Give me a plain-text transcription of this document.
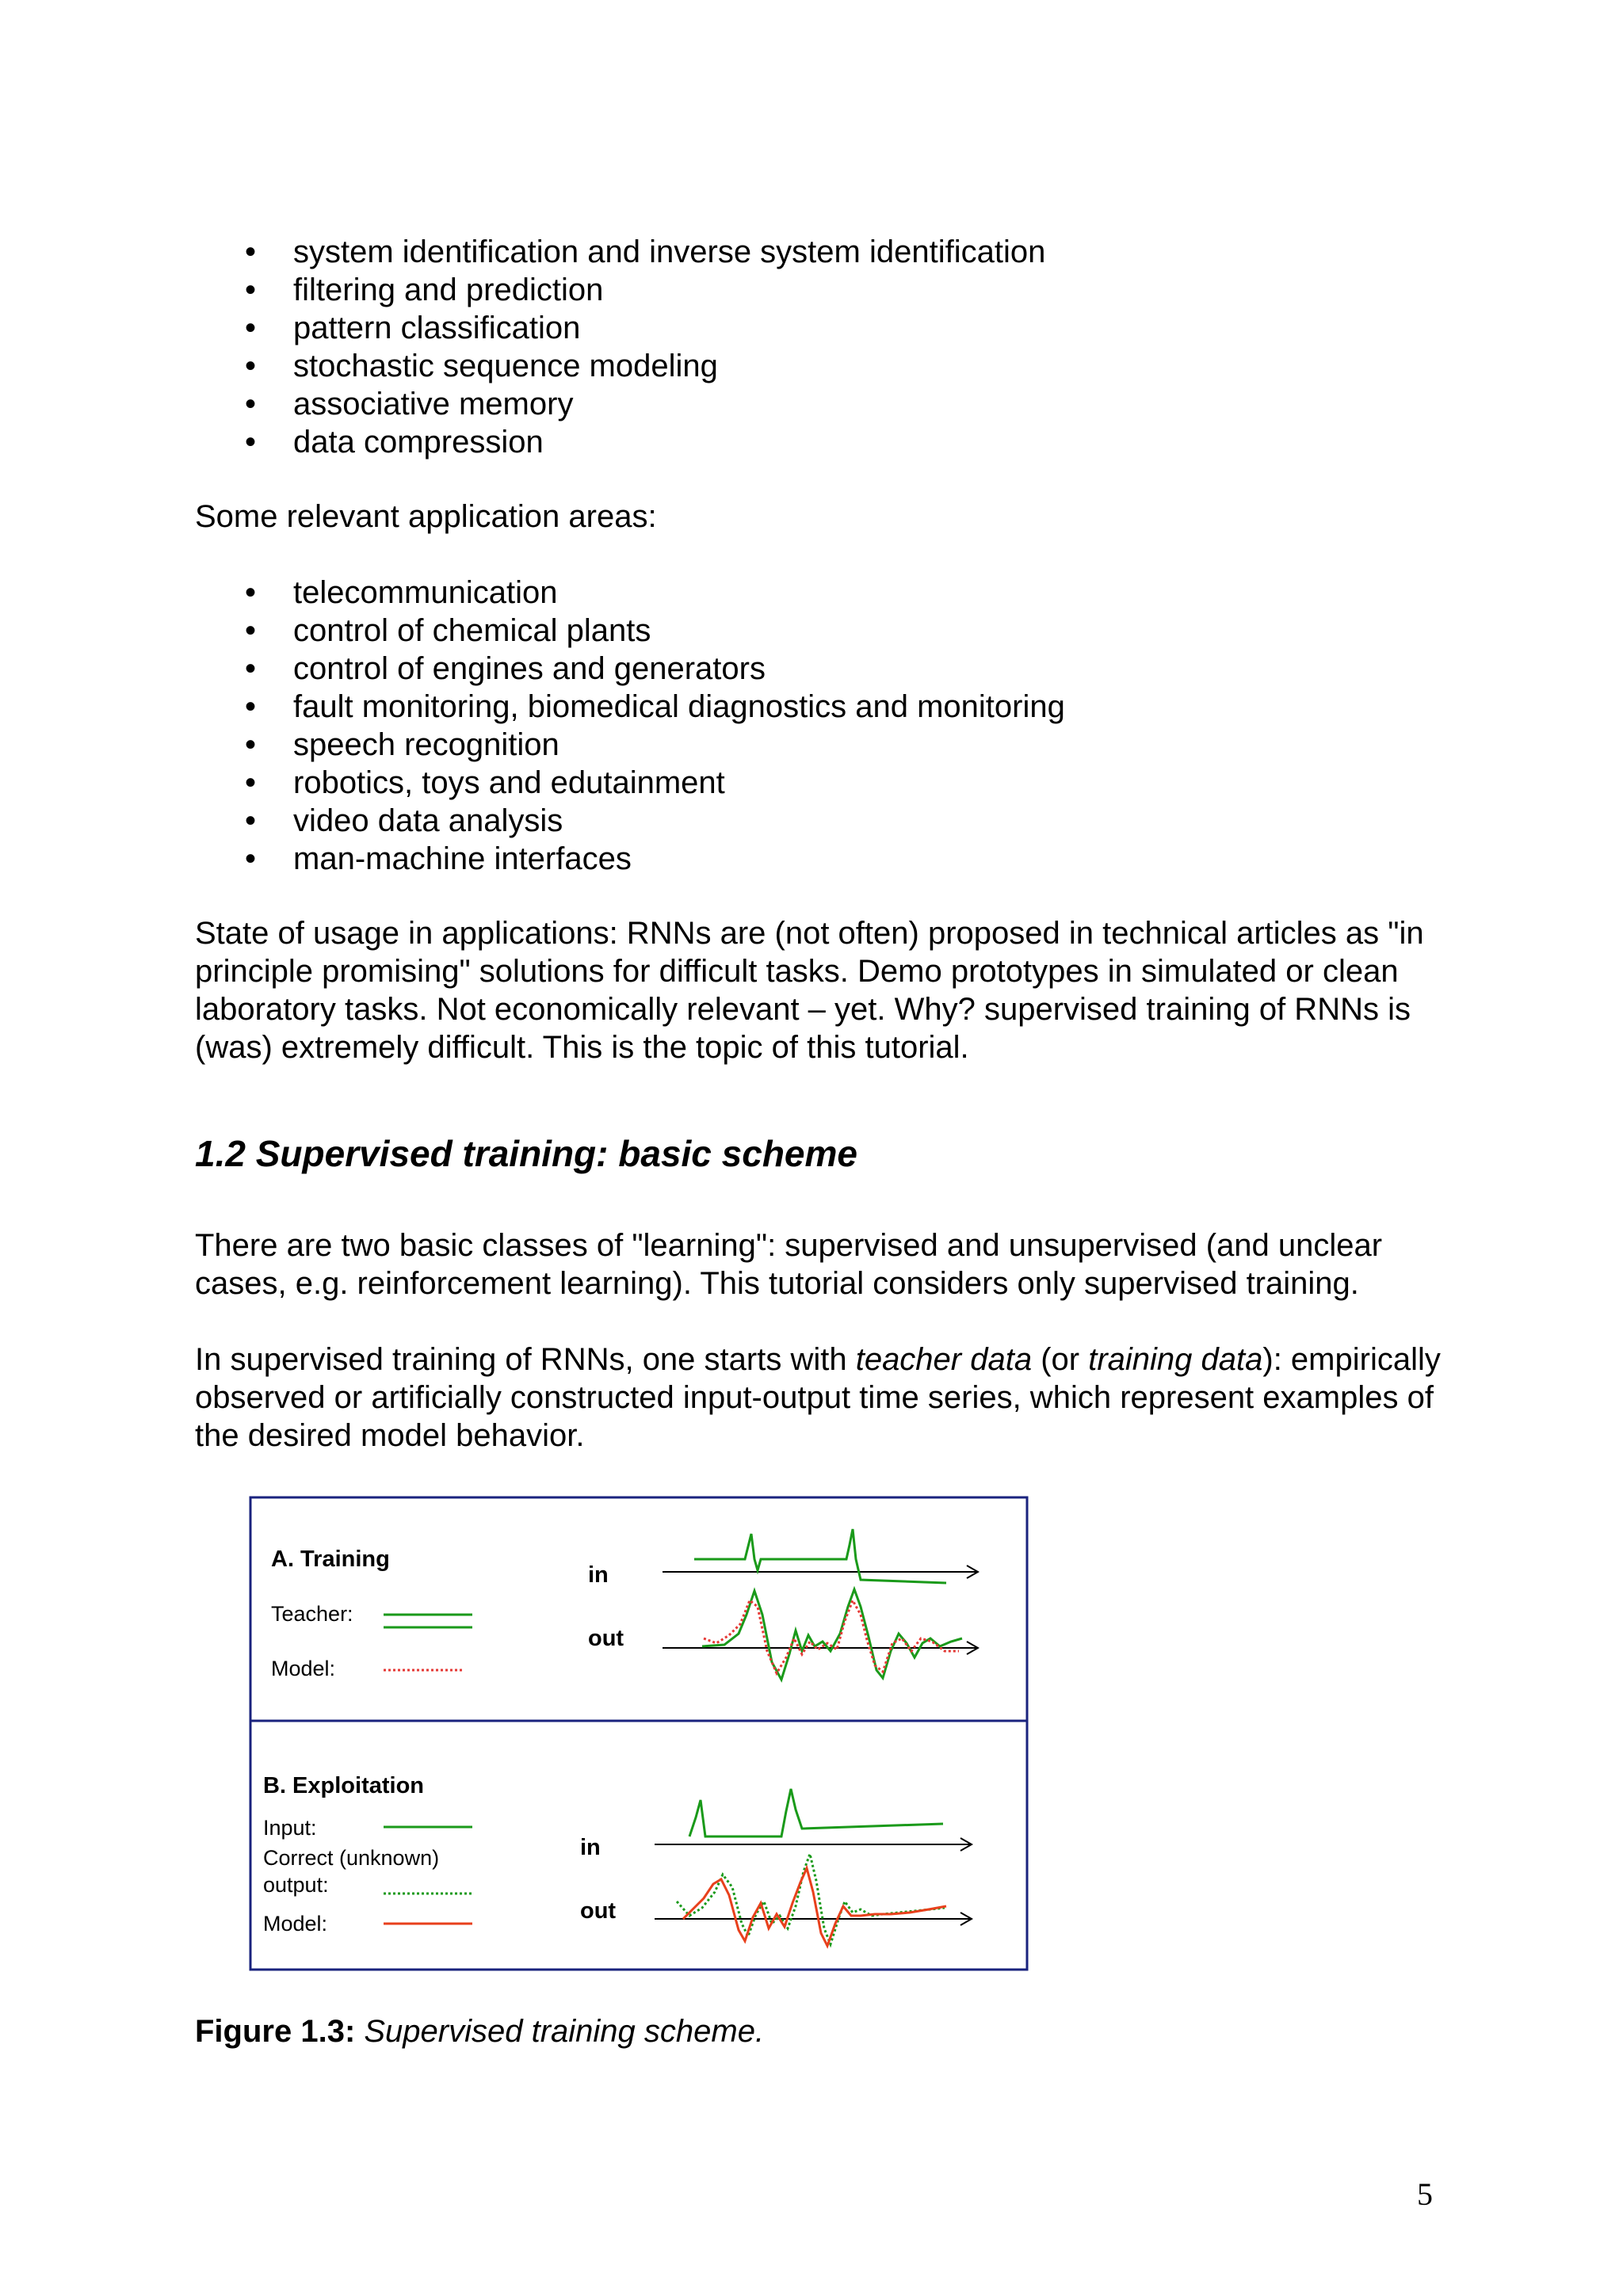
• system identification and inverse system identification
• filtering and prediction
• pattern classification
• stochastic sequence modeling
• associative memory
• data compression

Some relevant application areas:

• telecommunication
• control of chemical plants
• control of engines and generators
• fault monitoring, biomedical diagnostics and monitoring
• speech recognition
• robotics, toys and edutainment
• video data analysis
• man-machine interfaces

State of usage in applications: RNNs are (not often) proposed in technical articles as "in principle promising" solutions for difficult tasks. Demo prototypes in simulated or clean laboratory tasks. Not economically relevant – yet. Why? supervised training of RNNs is (was) extremely difficult. This is the topic of this tutorial.

1.2 Supervised training: basic scheme

There are two basic classes of "learning": supervised and unsupervised (and unclear cases, e.g. reinforcement learning). This tutorial considers only supervised training.

In supervised training of RNNs, one starts with teacher data (or training data): empirically observed or artificially constructed input-output time series, which represent examples of the desired model behavior.

A. Training
Teacher:
Model:
in
out
B. Exploitation
Input:
Correct (unknown)
output:
Model:
in
out
Figure 1.3: Supervised training scheme.
5
